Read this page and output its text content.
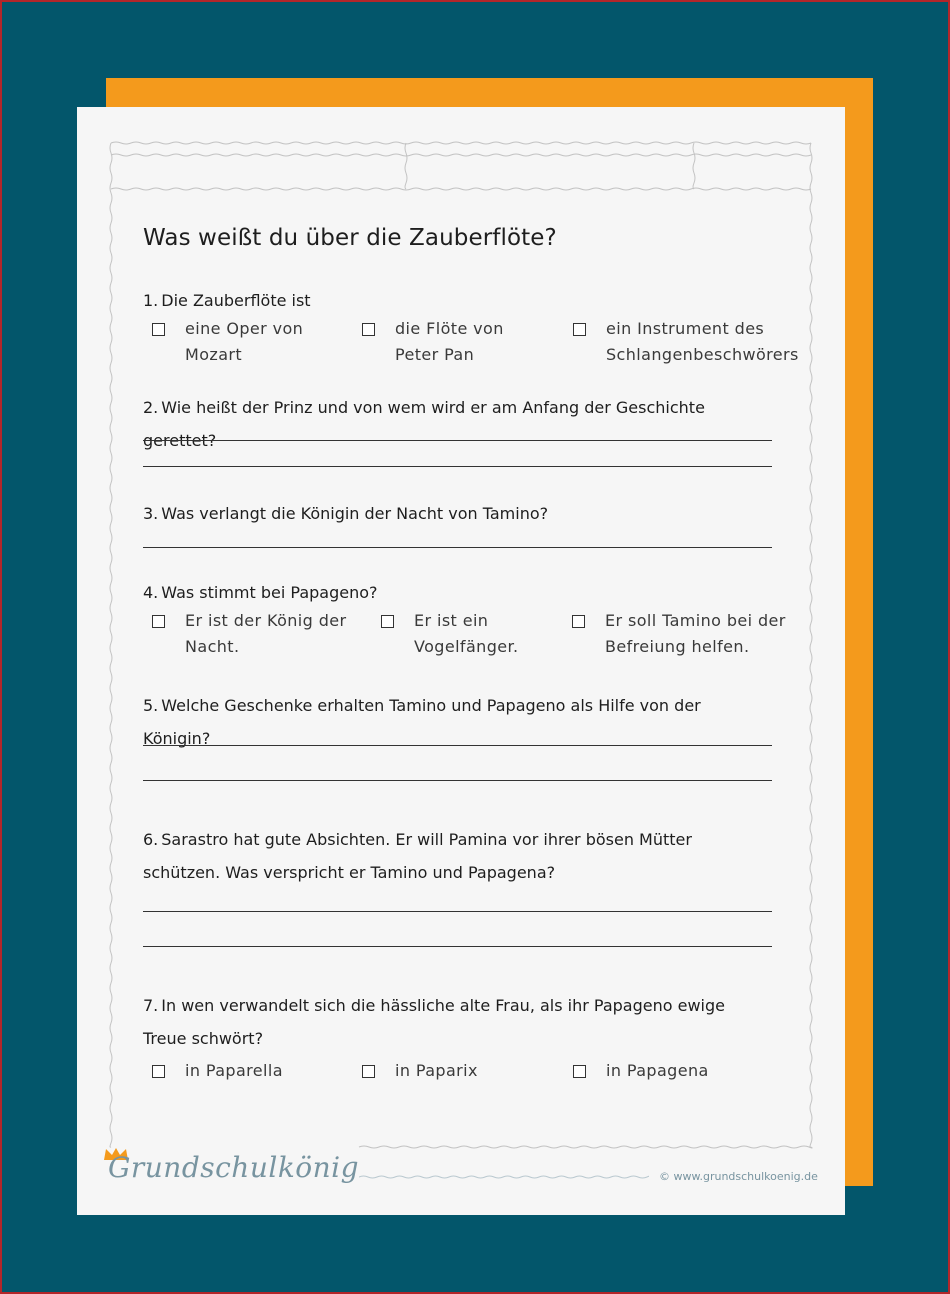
Was weißt du über die Zauberflöte?

1. Die Zauberflöte ist

eine Oper von
Mozart
die Flöte von
Peter Pan
ein Instrument des
Schlangenbeschwörers

2. Wie heißt der Prinz und von wem wird er am Anfang der Geschichte gerettet?

3. Was verlangt die Königin der Nacht von Tamino?

4. Was stimmt bei Papageno?

Er ist der König der
Nacht.
Er ist ein
Vogelfänger.
Er soll Tamino bei der
Befreiung helfen.

5. Welche Geschenke erhalten Tamino und Papageno als Hilfe von der Königin?

6. Sarastro hat gute Absichten. Er will Pamina vor ihrer bösen Mütter schützen. Was verspricht er Tamino und Papagena?

7. In wen verwandelt sich die hässliche alte Frau, als ihr Papageno ewige Treue schwört?

in Paparella	in Paparix	in Papagena
Grundschulkönig	© www.grundschulkoenig.de
